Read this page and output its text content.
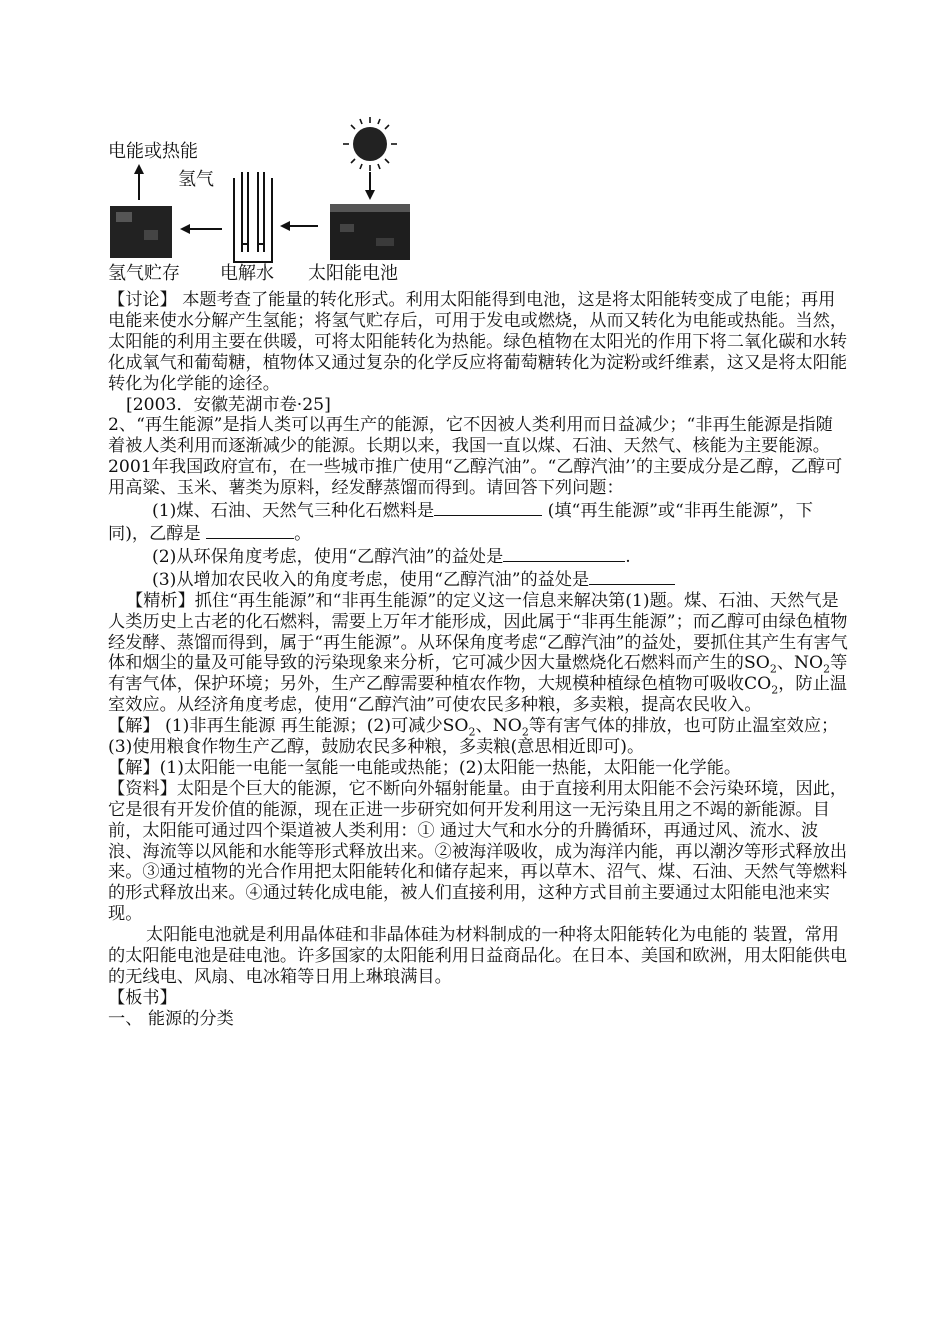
电能或热能
氢气
氢气贮存 电解水 太阳能电池

【讨论】 本题考查了能量的转化形式。利用太阳能得到电池，这是将太阳能转变成了电能；再用电能来使水分解产生氢能；将氢气贮存后，可用于发电或燃烧，从而又转化为电能或热能。当然，太阳能的利用主要在供暖，可将太阳能转化为热能。绿色植物在太阳光的作用下将二氧化碳和水转化成氧气和葡萄糖，植物体又通过复杂的化学反应将葡萄糖转化为淀粉或纤维素，这又是将太阳能转化为化学能的途径。

[2003．安徽芜湖市卷·25]

2、“再生能源”是指人类可以再生产的能源，它不因被人类利用而日益减少；“非再生能源是指随着被人类利用而逐渐减少的能源。长期以来，我国一直以煤、石油、天然气、核能为主要能源。2001年我国政府宣布，在一些城市推广使用“乙醇汽油”。“乙醇汽油’’的主要成分是乙醇，乙醇可用高粱、玉米、薯类为原料，经发酵蒸馏而得到。请回答下列问题：

(1)煤、石油、天然气三种化石燃料是	(填“再生能源”或“非再生能源”，下同)，乙醇是	。

(2)从环保角度考虑，使用“乙醇汽油”的益处是	.

(3)从增加农民收入的角度考虑，使用“乙醇汽油”的益处是

【精析】抓住“再生能源”和“非再生能源”的定义这一信息来解决第(1)题。煤、石油、天然气是人类历史上古老的化石燃料，需要上万年才能形成，因此属于“非再生能源”；而乙醇可由绿色植物经发酵、蒸馏而得到，属于“再生能源”。从环保角度考虑“乙醇汽油”的益处，要抓住其产生有害气体和烟尘的量及可能导致的污染现象来分析，它可减少因大量燃烧化石燃料而产生的$SO_2$、$NO_2$等有害气体，保护环境；另外，生产乙醇需要种植农作物，大规模种植绿色植物可吸收$CO_2$，防止温室效应。从经济角度考虑，使用“乙醇汽油”可使农民多种粮，多卖粮，提高农民收入。

【解】 (1)非再生能源 再生能源；(2)可减少$SO_2$、$NO_2$等有害气体的排放，也可防止温室效应；(3)使用粮食作物生产乙醇，鼓励农民多种粮，多卖粮(意思相近即可)。

【解】(1)太阳能一电能一氢能一电能或热能；(2)太阳能一热能，太阳能一化学能。

【资料】太阳是个巨大的能源，它不断向外辐射能量。由于直接利用太阳能不会污染环境，因此，它是很有开发价值的能源，现在正进一步研究如何开发利用这一无污染且用之不竭的新能源。目前，太阳能可通过四个渠道被人类利用：① 通过大气和水分的升腾循环，再通过风、流水、波浪、海流等以风能和水能等形式释放出来。②被海洋吸收，成为海洋内能，再以潮汐等形式释放出来。③通过植物的光合作用把太阳能转化和储存起来，再以草木、沼气、煤、石油、天然气等燃料的形式释放出来。④通过转化成电能，被人们直接利用，这种方式目前主要通过太阳能电池来实现。

太阳能电池就是利用晶体硅和非晶体硅为材料制成的一种将太阳能转化为电能的 装置，常用的太阳能电池是硅电池。许多国家的太阳能利用日益商品化。在日本、美国和欧洲，用太阳能供电的无线电、风扇、电冰箱等日用上琳琅满目。

【板书】

一、 能源的分类
